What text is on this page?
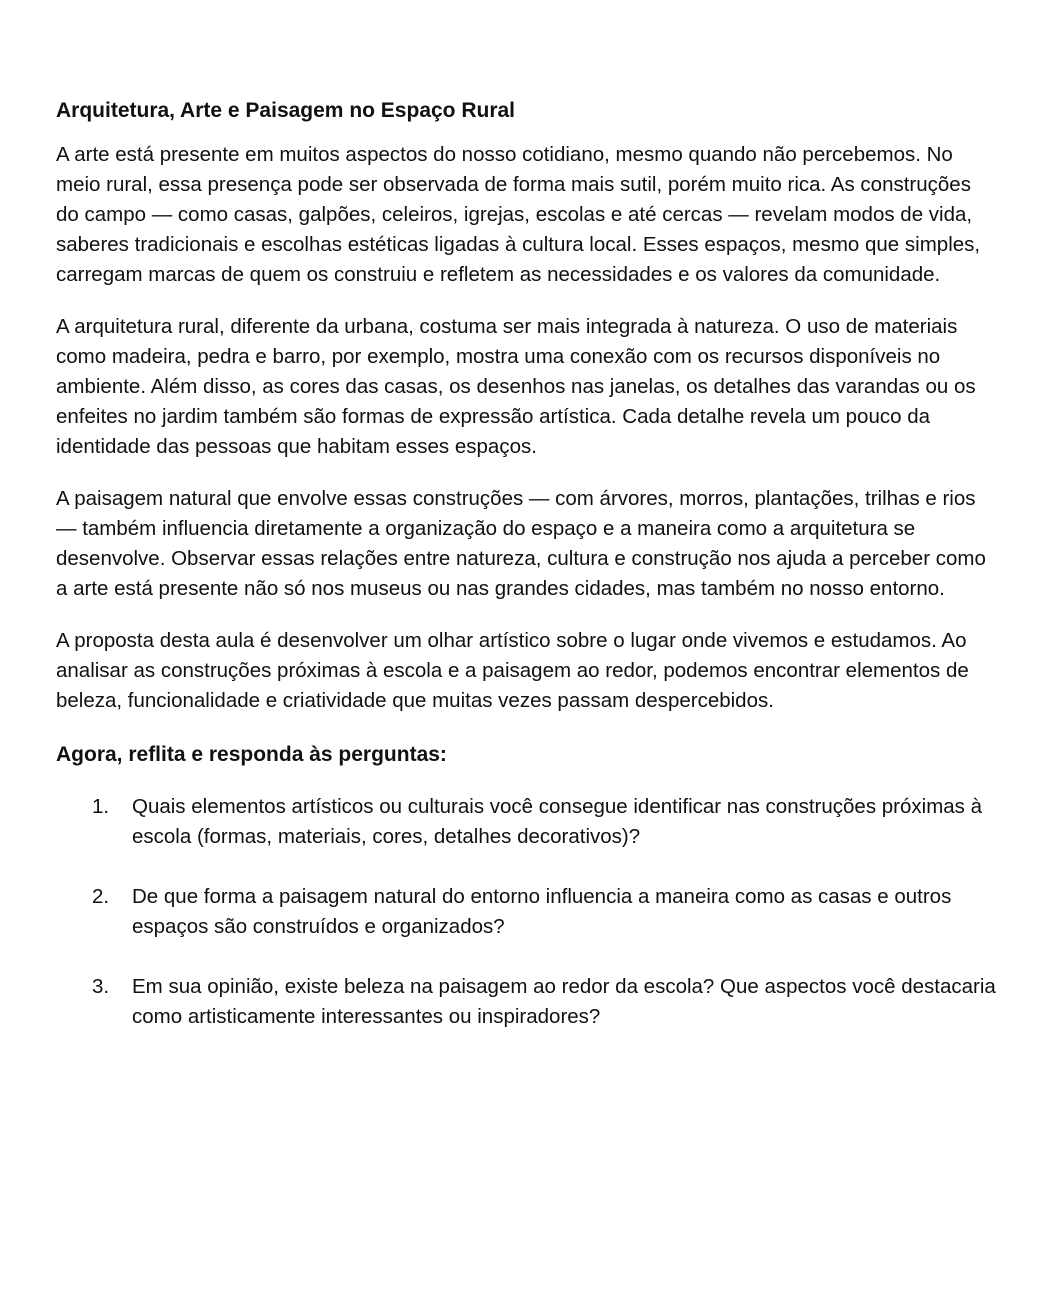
Arquitetura, Arte e Paisagem no Espaço Rural

A arte está presente em muitos aspectos do nosso cotidiano, mesmo quando não percebemos. No meio rural, essa presença pode ser observada de forma mais sutil, porém muito rica. As construções do campo — como casas, galpões, celeiros, igrejas, escolas e até cercas — revelam modos de vida, saberes tradicionais e escolhas estéticas ligadas à cultura local. Esses espaços, mesmo que simples, carregam marcas de quem os construiu e refletem as necessidades e os valores da comunidade.

A arquitetura rural, diferente da urbana, costuma ser mais integrada à natureza. O uso de materiais como madeira, pedra e barro, por exemplo, mostra uma conexão com os recursos disponíveis no ambiente. Além disso, as cores das casas, os desenhos nas janelas, os detalhes das varandas ou os enfeites no jardim também são formas de expressão artística. Cada detalhe revela um pouco da identidade das pessoas que habitam esses espaços.

A paisagem natural que envolve essas construções — com árvores, morros, plantações, trilhas e rios — também influencia diretamente a organização do espaço e a maneira como a arquitetura se desenvolve. Observar essas relações entre natureza, cultura e construção nos ajuda a perceber como a arte está presente não só nos museus ou nas grandes cidades, mas também no nosso entorno.

A proposta desta aula é desenvolver um olhar artístico sobre o lugar onde vivemos e estudamos. Ao analisar as construções próximas à escola e a paisagem ao redor, podemos encontrar elementos de beleza, funcionalidade e criatividade que muitas vezes passam despercebidos.

Agora, reflita e responda às perguntas:
1.	Quais elementos artísticos ou culturais você consegue identificar nas construções próximas à escola (formas, materiais, cores, detalhes decorativos)?
2.	De que forma a paisagem natural do entorno influencia a maneira como as casas e outros espaços são construídos e organizados?
3.	Em sua opinião, existe beleza na paisagem ao redor da escola? Que aspectos você destacaria como artisticamente interessantes ou inspiradores?
